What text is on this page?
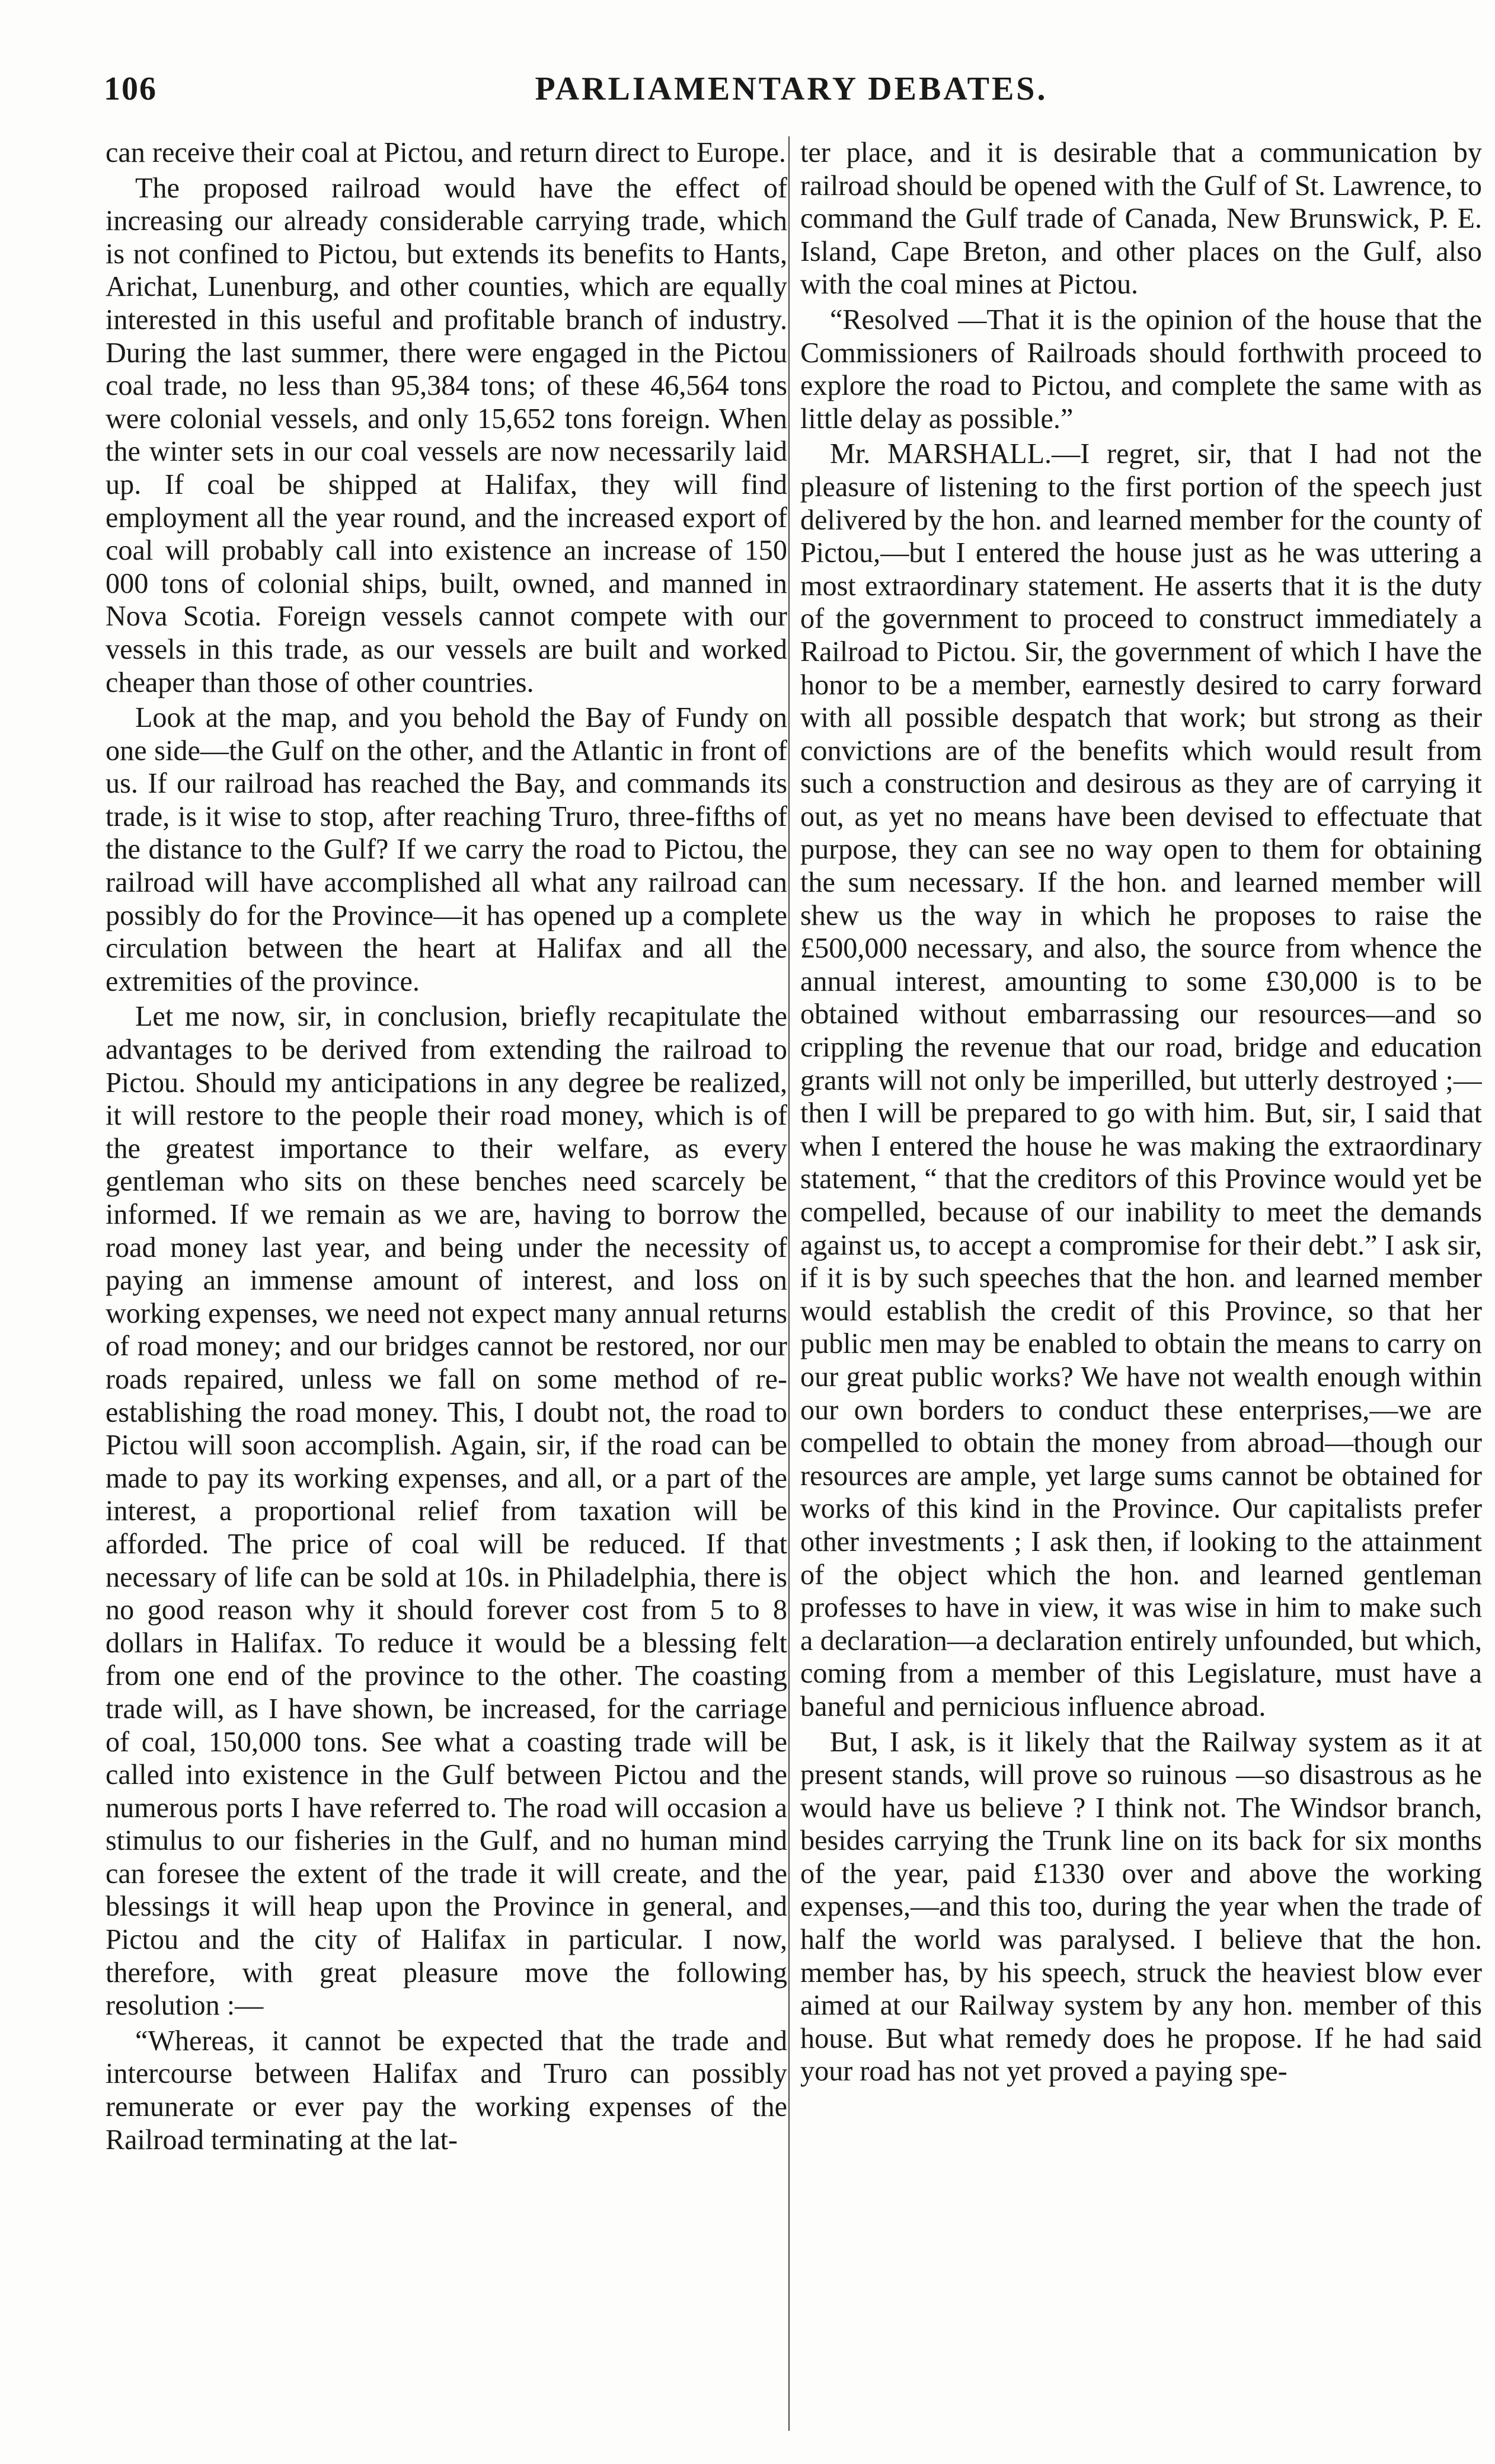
106	PARLIAMENTARY DEBATES.

can receive their coal at Pictou, and return direct to Europe.

The proposed railroad would have the effect of increasing our already considerable carrying trade, which is not confined to Pictou, but extends its benefits to Hants, Arichat, Lunenburg, and other counties, which are equally interested in this useful and profitable branch of industry. During the last summer, there were engaged in the Pictou coal trade, no less than 95,384 tons; of these 46,564 tons were colonial vessels, and only 15,652 tons foreign. When the winter sets in our coal vessels are now necessarily laid up. If coal be shipped at Halifax, they will find employment all the year round, and the increased export of coal will probably call into existence an increase of 150 000 tons of colonial ships, built, owned, and manned in Nova Scotia. Foreign vessels cannot compete with our vessels in this trade, as our vessels are built and worked cheaper than those of other countries.

Look at the map, and you behold the Bay of Fundy on one side—the Gulf on the other, and the Atlantic in front of us. If our railroad has reached the Bay, and commands its trade, is it wise to stop, after reaching Truro, three-fifths of the distance to the Gulf? If we carry the road to Pictou, the railroad will have accomplished all what any railroad can possibly do for the Province—it has opened up a complete circulation between the heart at Halifax and all the extremities of the province.

Let me now, sir, in conclusion, briefly recapitulate the advantages to be derived from extending the railroad to Pictou. Should my anticipations in any degree be realized, it will restore to the people their road money, which is of the greatest importance to their welfare, as every gentleman who sits on these benches need scarcely be informed. If we remain as we are, having to borrow the road money last year, and being under the necessity of paying an immense amount of interest, and loss on working expenses, we need not expect many annual returns of road money; and our bridges cannot be restored, nor our roads repaired, unless we fall on some method of re-establishing the road money. This, I doubt not, the road to Pictou will soon accomplish. Again, sir, if the road can be made to pay its working expenses, and all, or a part of the interest, a proportional relief from taxation will be afforded. The price of coal will be reduced. If that necessary of life can be sold at 10s. in Philadelphia, there is no good reason why it should forever cost from 5 to 8 dollars in Halifax. To reduce it would be a blessing felt from one end of the province to the other. The coasting trade will, as I have shown, be increased, for the carriage of coal, 150,000 tons. See what a coasting trade will be called into existence in the Gulf between Pictou and the numerous ports I have referred to. The road will occasion a stimulus to our fisheries in the Gulf, and no human mind can foresee the extent of the trade it will create, and the blessings it will heap upon the Province in general, and Pictou and the city of Halifax in particular. I now, therefore, with great pleasure move the following resolution :—

“Whereas, it cannot be expected that the trade and intercourse between Halifax and Truro can possibly remunerate or ever pay the working expenses of the Railroad terminating at the lat-

ter place, and it is desirable that a communication by railroad should be opened with the Gulf of St. Lawrence, to command the Gulf trade of Canada, New Brunswick, P. E. Island, Cape Breton, and other places on the Gulf, also with the coal mines at Pictou.

“Resolved —That it is the opinion of the house that the Commissioners of Railroads should forthwith proceed to explore the road to Pictou, and complete the same with as little delay as possible.”

Mr. MARSHALL.—I regret, sir, that I had not the pleasure of listening to the first portion of the speech just delivered by the hon. and learned member for the county of Pictou,—but I entered the house just as he was uttering a most extraordinary statement. He asserts that it is the duty of the government to proceed to construct immediately a Railroad to Pictou. Sir, the government of which I have the honor to be a member, earnestly desired to carry forward with all possible despatch that work; but strong as their convictions are of the benefits which would result from such a construction and desirous as they are of carrying it out, as yet no means have been devised to effectuate that purpose, they can see no way open to them for obtaining the sum necessary. If the hon. and learned member will shew us the way in which he proposes to raise the £500,000 necessary, and also, the source from whence the annual interest, amounting to some £30,000 is to be obtained without embarrassing our resources—and so crippling the revenue that our road, bridge and education grants will not only be imperilled, but utterly destroyed ;—then I will be prepared to go with him. But, sir, I said that when I entered the house he was making the extraordinary statement, “ that the creditors of this Province would yet be compelled, because of our inability to meet the demands against us, to accept a compromise for their debt.” I ask sir, if it is by such speeches that the hon. and learned member would establish the credit of this Province, so that her public men may be enabled to obtain the means to carry on our great public works? We have not wealth enough within our own borders to conduct these enterprises,—we are compelled to obtain the money from abroad—though our resources are ample, yet large sums cannot be obtained for works of this kind in the Province. Our capitalists prefer other investments ; I ask then, if looking to the attainment of the object which the hon. and learned gentleman professes to have in view, it was wise in him to make such a declaration—a declaration entirely unfounded, but which, coming from a member of this Legislature, must have a baneful and pernicious influence abroad.

But, I ask, is it likely that the Railway system as it at present stands, will prove so ruinous —so disastrous as he would have us believe ? I think not. The Windsor branch, besides carrying the Trunk line on its back for six months of the year, paid £1330 over and above the working expenses,—and this too, during the year when the trade of half the world was paralysed. I believe that the hon. member has, by his speech, struck the heaviest blow ever aimed at our Railway system by any hon. member of this house. But what remedy does he propose. If he had said your road has not yet proved a paying spe-
